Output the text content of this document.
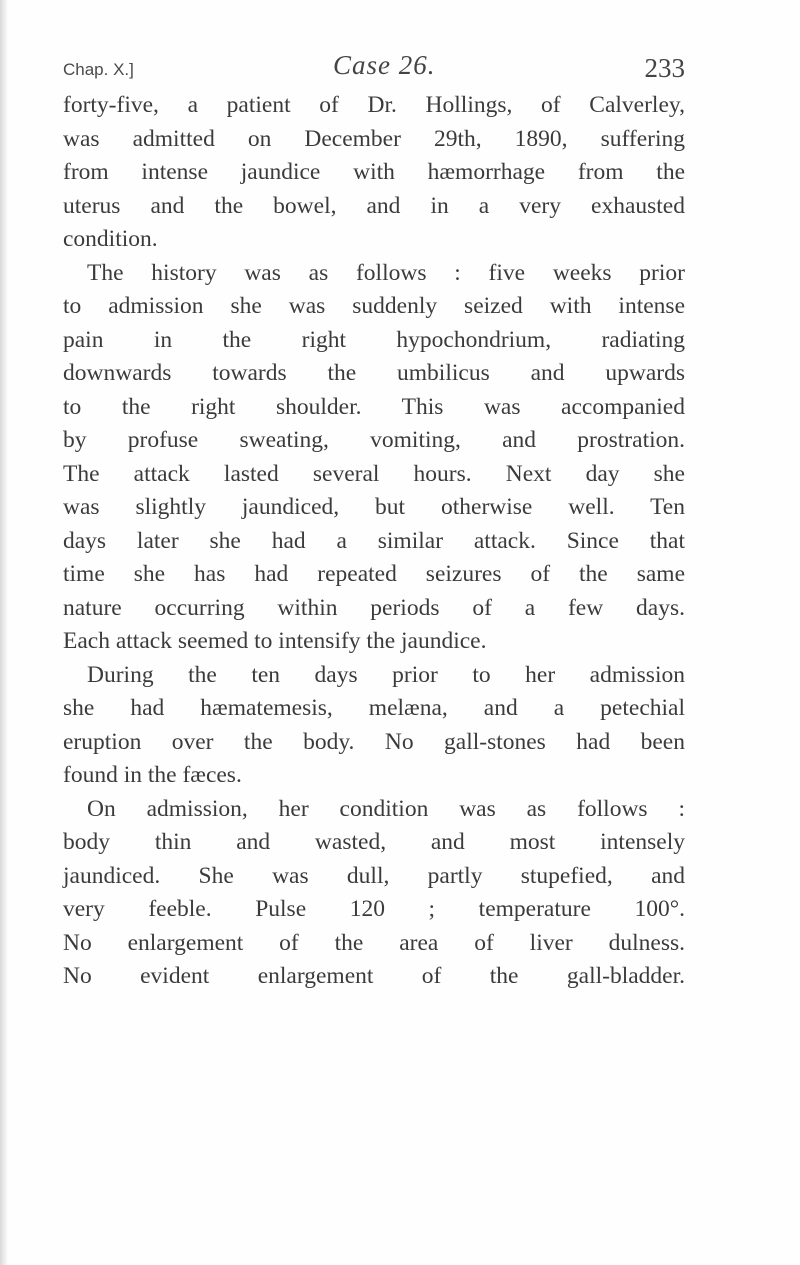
Chap. X.]	Case 26.	233
forty-five, a patient of Dr. Hollings, of Calverley,
was admitted on December 29th, 1890, suffering
from intense jaundice with hæmorrhage from the
uterus and the bowel, and in a very exhausted
condition.
The history was as follows : five weeks prior
to admission she was suddenly seized with intense
pain in the right hypochondrium, radiating
downwards towards the umbilicus and upwards
to the right shoulder. This was accompanied
by profuse sweating, vomiting, and prostration.
The attack lasted several hours. Next day she
was slightly jaundiced, but otherwise well. Ten
days later she had a similar attack. Since that
time she has had repeated seizures of the same
nature occurring within periods of a few days.
Each attack seemed to intensify the jaundice.
During the ten days prior to her admission
she had hæmatemesis, melæna, and a petechial
eruption over the body. No gall-stones had been
found in the fæces.
On admission, her condition was as follows :
body thin and wasted, and most intensely
jaundiced. She was dull, partly stupefied, and
very feeble. Pulse 120 ; temperature 100°.
No enlargement of the area of liver dulness.
No evident enlargement of the gall-bladder.
